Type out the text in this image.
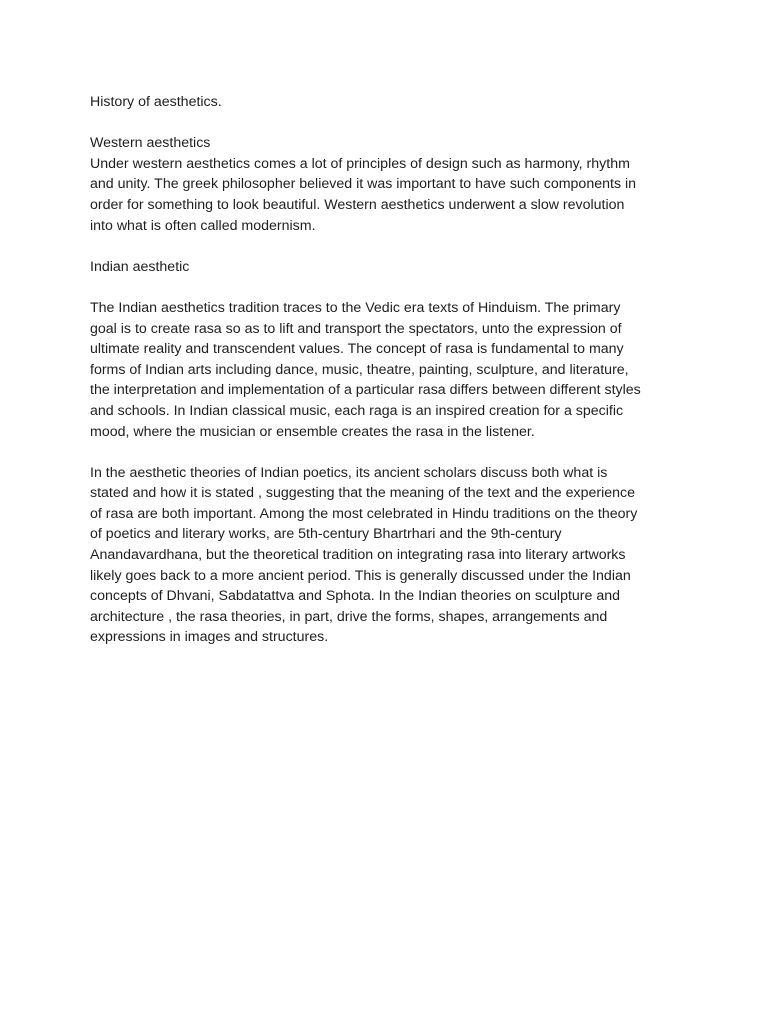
History of aesthetics.

Western aesthetics

Under western aesthetics comes a lot of principles of design such as harmony, rhythm
and unity. The greek philosopher believed it was important to have such components in
order for something to look beautiful. Western aesthetics underwent a slow revolution
into what is often called modernism.

Indian aesthetic

The Indian aesthetics tradition traces to the Vedic era texts of Hinduism. The primary
goal is to create rasa so as to lift and transport the spectators, unto the expression of
ultimate reality and transcendent values. The concept of rasa is fundamental to many
forms of Indian arts including dance, music, theatre, painting, sculpture, and literature,
the interpretation and implementation of a particular rasa differs between different styles
and schools. In Indian classical music, each raga is an inspired creation for a specific
mood, where the musician or ensemble creates the rasa in the listener.

In the aesthetic theories of Indian poetics, its ancient scholars discuss both what is
stated and how it is stated , suggesting that the meaning of the text and the experience
of rasa are both important. Among the most celebrated in Hindu traditions on the theory
of poetics and literary works, are 5th-century Bhartrhari and the 9th-century
Anandavardhana, but the theoretical tradition on integrating rasa into literary artworks
likely goes back to a more ancient period. This is generally discussed under the Indian
concepts of Dhvani, Sabdatattva and Sphota. In the Indian theories on sculpture and
architecture , the rasa theories, in part, drive the forms, shapes, arrangements and
expressions in images and structures.
